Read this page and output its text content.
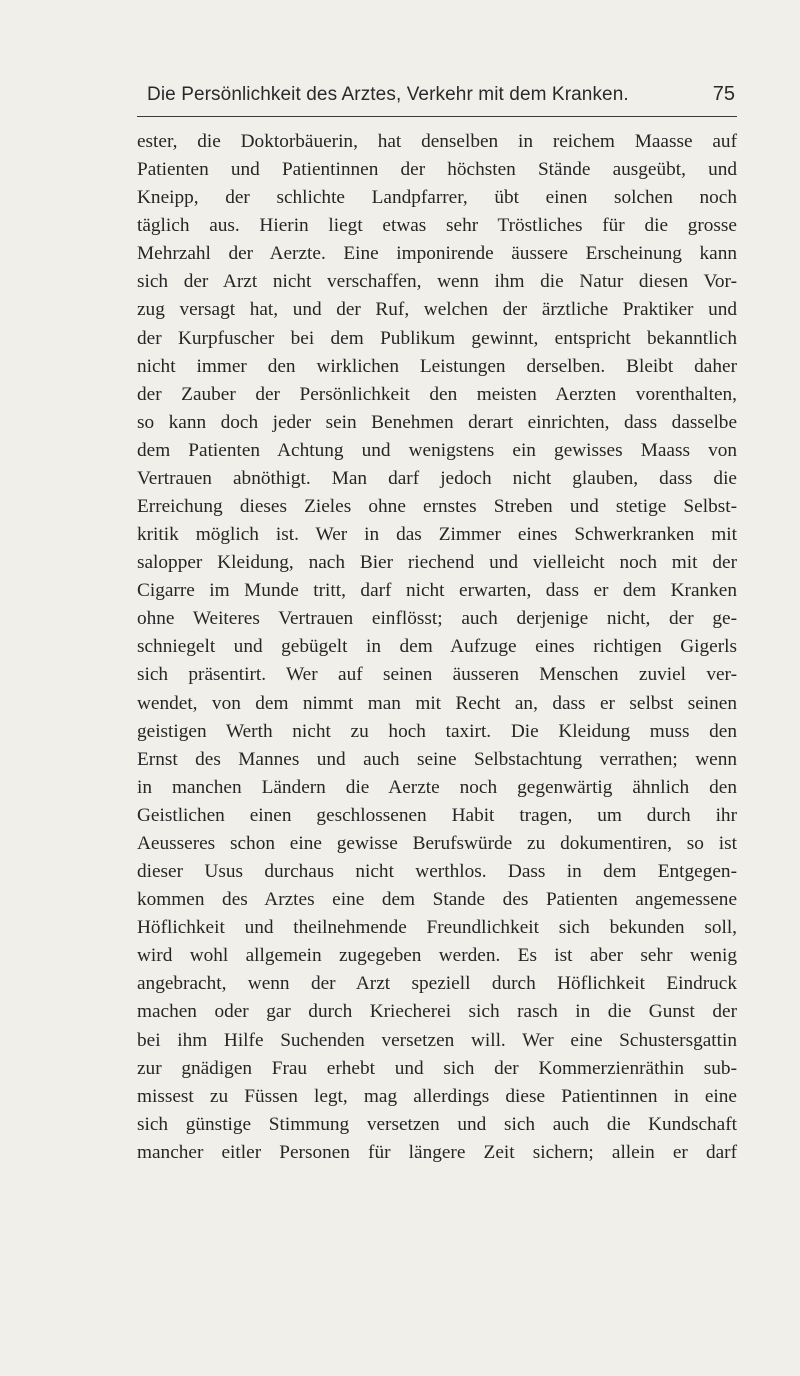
Die Persönlichkeit des Arztes, Verkehr mit dem Kranken.	75
ester, die Doktorbäuerin, hat denselben in reichem Maasse auf
Patienten und Patientinnen der höchsten Stände ausgeübt, und
Kneipp, der schlichte Landpfarrer, übt einen solchen noch
täglich aus. Hierin liegt etwas sehr Tröstliches für die grosse
Mehrzahl der Aerzte. Eine imponirende äussere Erscheinung kann
sich der Arzt nicht verschaffen, wenn ihm die Natur diesen Vor-
zug versagt hat, und der Ruf, welchen der ärztliche Praktiker und
der Kurpfuscher bei dem Publikum gewinnt, entspricht bekanntlich
nicht immer den wirklichen Leistungen derselben. Bleibt daher
der Zauber der Persönlichkeit den meisten Aerzten vorenthalten,
so kann doch jeder sein Benehmen derart einrichten, dass dasselbe
dem Patienten Achtung und wenigstens ein gewisses Maass von
Vertrauen abnöthigt. Man darf jedoch nicht glauben, dass die
Erreichung dieses Zieles ohne ernstes Streben und stetige Selbst-
kritik möglich ist. Wer in das Zimmer eines Schwerkranken mit
salopper Kleidung, nach Bier riechend und vielleicht noch mit der
Cigarre im Munde tritt, darf nicht erwarten, dass er dem Kranken
ohne Weiteres Vertrauen einflösst; auch derjenige nicht, der ge-
schniegelt und gebügelt in dem Aufzuge eines richtigen Gigerls
sich präsentirt. Wer auf seinen äusseren Menschen zuviel ver-
wendet, von dem nimmt man mit Recht an, dass er selbst seinen
geistigen Werth nicht zu hoch taxirt. Die Kleidung muss den
Ernst des Mannes und auch seine Selbstachtung verrathen; wenn
in manchen Ländern die Aerzte noch gegenwärtig ähnlich den
Geistlichen einen geschlossenen Habit tragen, um durch ihr
Aeusseres schon eine gewisse Berufswürde zu dokumentiren, so ist
dieser Usus durchaus nicht werthlos. Dass in dem Entgegen-
kommen des Arztes eine dem Stande des Patienten angemessene
Höflichkeit und theilnehmende Freundlichkeit sich bekunden soll,
wird wohl allgemein zugegeben werden. Es ist aber sehr wenig
angebracht, wenn der Arzt speziell durch Höflichkeit Eindruck
machen oder gar durch Kriecherei sich rasch in die Gunst der
bei ihm Hilfe Suchenden versetzen will. Wer eine Schustersgattin
zur gnädigen Frau erhebt und sich der Kommerzienräthin sub-
missest zu Füssen legt, mag allerdings diese Patientinnen in eine
sich günstige Stimmung versetzen und sich auch die Kundschaft
mancher eitler Personen für längere Zeit sichern; allein er darf
